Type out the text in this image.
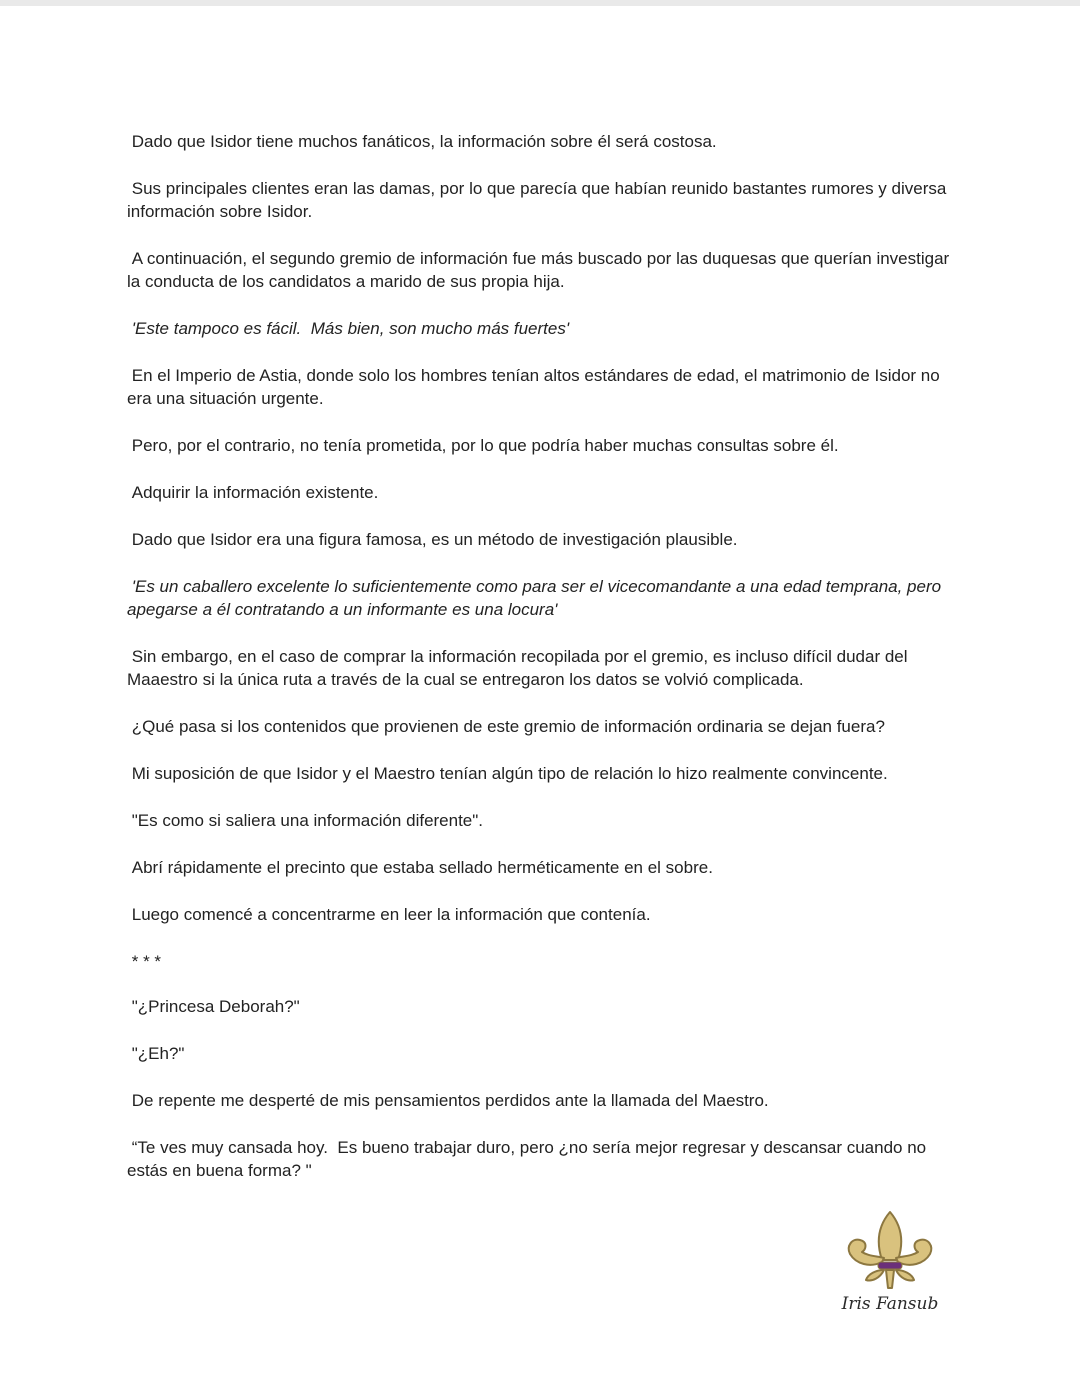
Dado que Isidor tiene muchos fanáticos, la información sobre él será costosa.

Sus principales clientes eran las damas, por lo que parecía que habían reunido bastantes rumores y diversa información sobre Isidor.

A continuación, el segundo gremio de información fue más buscado por las duquesas que querían investigar la conducta de los candidatos a marido de sus propia hija.

'Este tampoco es fácil.  Más bien, son mucho más fuertes'

En el Imperio de Astia, donde solo los hombres tenían altos estándares de edad, el matrimonio de Isidor no era una situación urgente.

Pero, por el contrario, no tenía prometida, por lo que podría haber muchas consultas sobre él.

Adquirir la información existente.

Dado que Isidor era una figura famosa, es un método de investigación plausible.

'Es un caballero excelente lo suficientemente como para ser el vicecomandante a una edad temprana, pero apegarse a él contratando a un informante es una locura'

Sin embargo, en el caso de comprar la información recopilada por el gremio, es incluso difícil dudar del Maaestro si la única ruta a través de la cual se entregaron los datos se volvió complicada.

¿Qué pasa si los contenidos que provienen de este gremio de información ordinaria se dejan fuera?

Mi suposición de que Isidor y el Maestro tenían algún tipo de relación lo hizo realmente convincente.

"Es como si saliera una información diferente".

Abrí rápidamente el precinto que estaba sellado herméticamente en el sobre.

Luego comencé a concentrarme en leer la información que contenía.

* * *

"¿Princesa Deborah?"

"¿Eh?"

De repente me desperté de mis pensamientos perdidos ante la llamada del Maestro.

“Te ves muy cansada hoy.  Es bueno trabajar duro, pero ¿no sería mejor regresar y descansar cuando no estás en buena forma? "

Iris Fansub
